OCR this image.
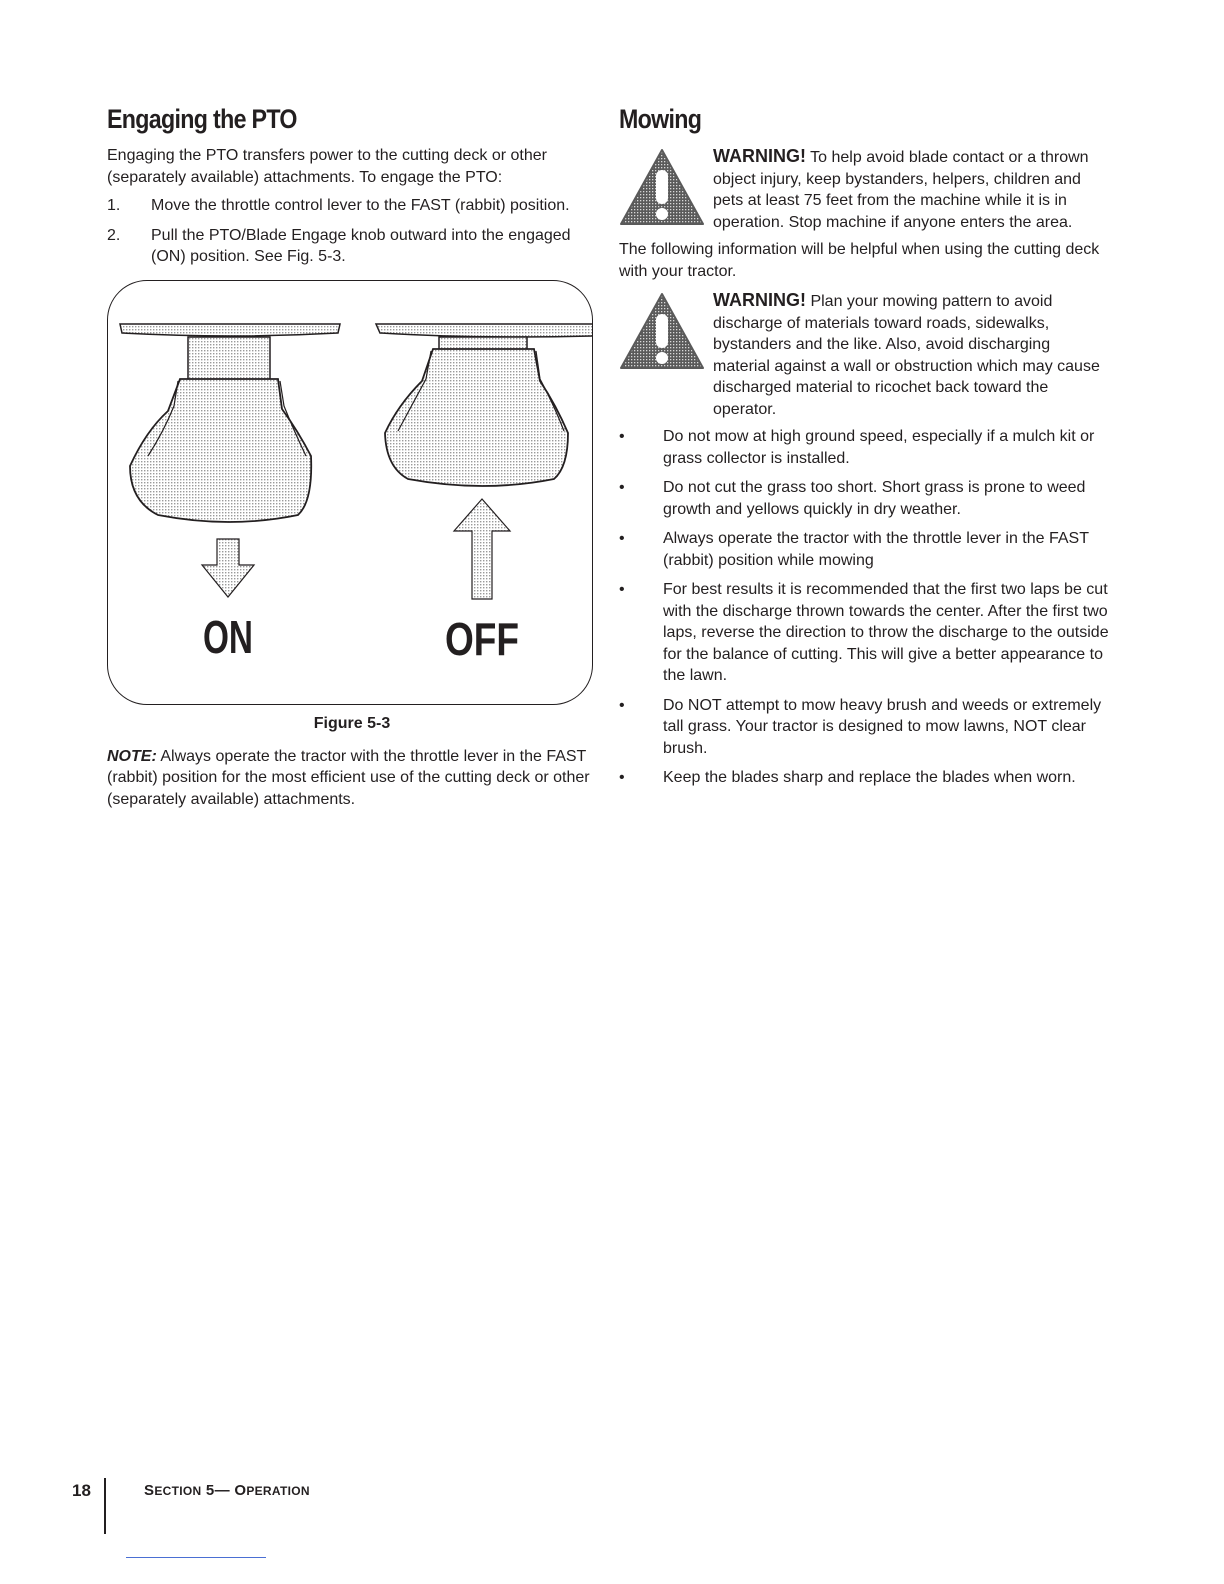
Engaging the PTO

Engaging the PTO transfers power to the cutting deck or other (separately available) attachments. To engage the PTO:

1.	Move the throttle control lever to the FAST (rabbit) position.
2.	Pull the PTO/Blade Engage knob outward into the engaged (ON) position. See Fig. 5-3.
ON	OFF
Figure 5-3

NOTE: Always operate the tractor with the throttle lever in the FAST (rabbit) position for the most efficient use of the cutting deck or other (separately available) attachments.

Mowing
WARNING! To help avoid blade contact or a thrown object injury, keep bystanders, helpers, children and pets at least 75 feet from the machine while it is in operation. Stop machine if anyone enters the area.

The following information will be helpful when using the cutting deck with your tractor.

WARNING! Plan your mowing pattern to avoid discharge of materials toward roads, sidewalks, bystanders and the like. Also, avoid discharging material against a wall or obstruction which may cause discharged material to ricochet back toward the operator.
•	Do not mow at high ground speed, especially if a mulch kit or grass collector is installed.
•	Do not cut the grass too short. Short grass is prone to weed growth and yellows quickly in dry weather.
•	Always operate the tractor with the throttle lever in the FAST (rabbit) position while mowing
•	For best results it is recommended that the first two laps be cut with the discharge thrown towards the center. After the first two laps, reverse the direction to throw the discharge to the outside for the balance of cutting. This will give a better appearance to the lawn.
•	Do NOT attempt to mow heavy brush and weeds or extremely tall grass. Your tractor is designed to mow lawns, NOT clear brush.
•	Keep the blades sharp and replace the blades when worn.
18	SECTION 5— OPERATION
